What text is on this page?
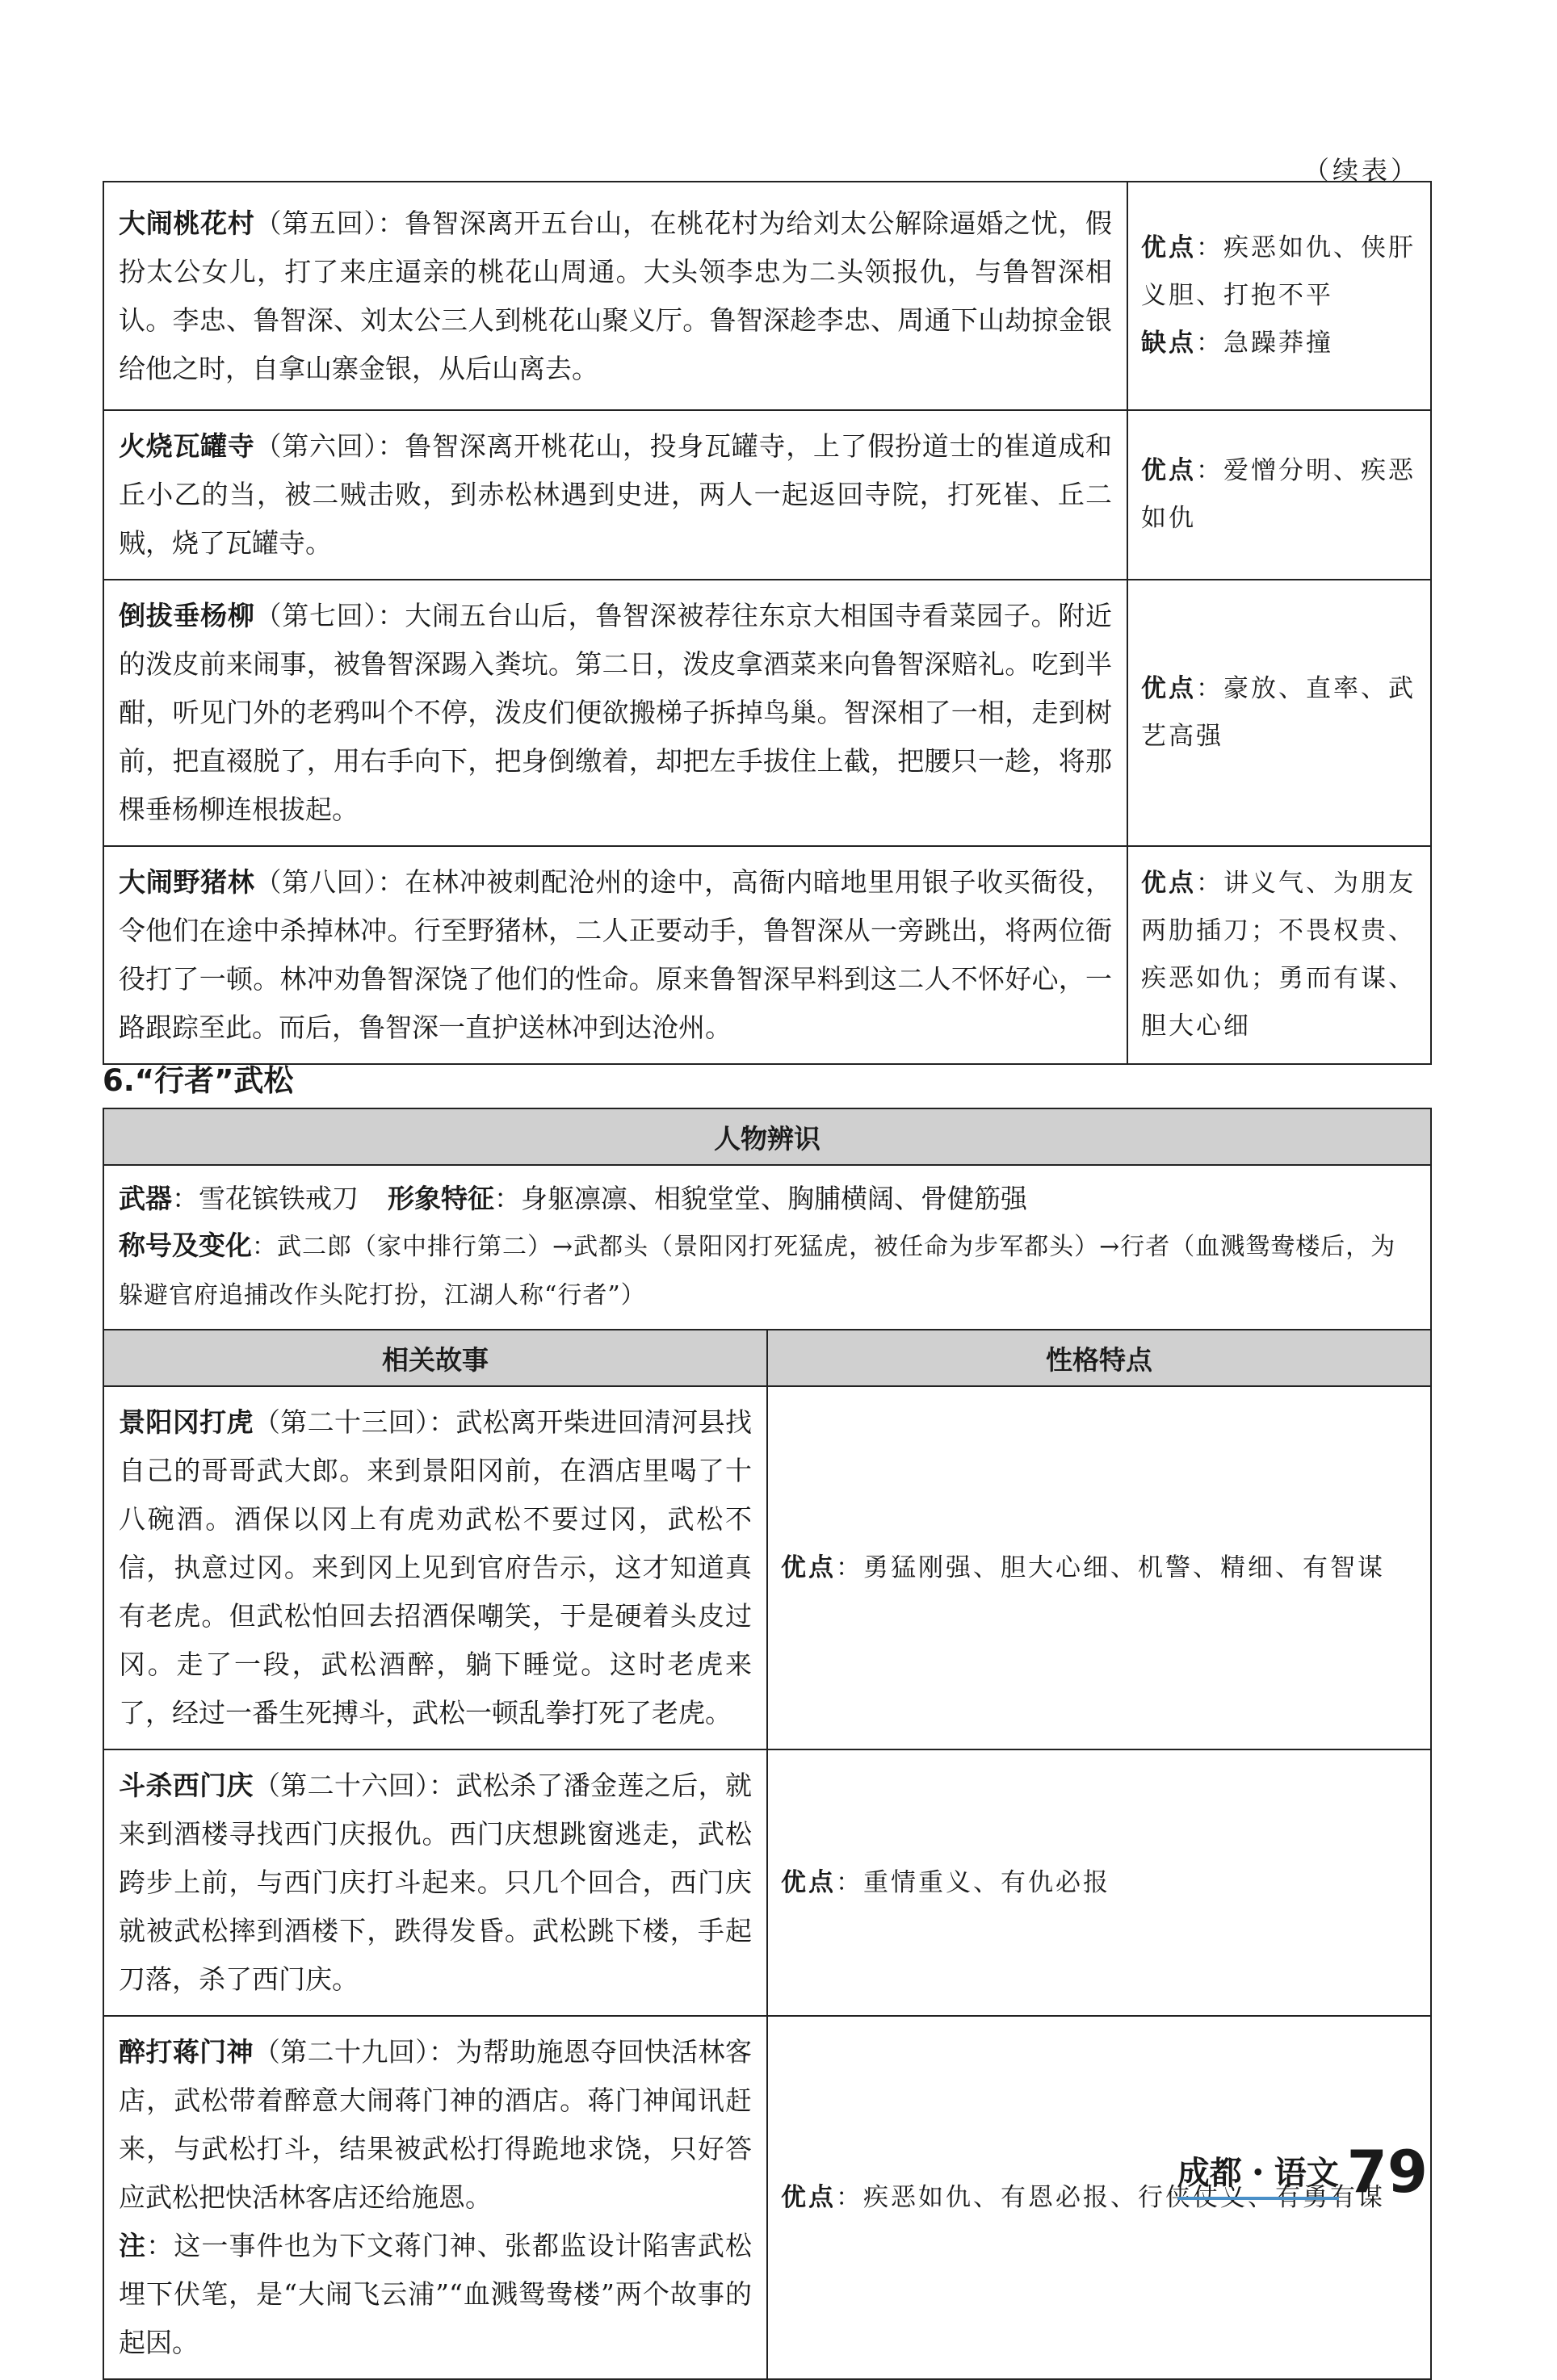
（续表）
大闹桃花村（第五回）：鲁智深离开五台山，在桃花村为给刘太公解除逼婚之忧，假扮太公女儿，打了来庄逼亲的桃花山周通。大头领李忠为二头领报仇，与鲁智深相认。李忠、鲁智深、刘太公三人到桃花山聚义厅。鲁智深趁李忠、周通下山劫掠金银给他之时，自拿山寨金银，从后山离去。	优点：疾恶如仇、侠肝义胆、打抱不平
缺点：急躁莽撞
火烧瓦罐寺（第六回）：鲁智深离开桃花山，投身瓦罐寺，上了假扮道士的崔道成和丘小乙的当，被二贼击败，到赤松林遇到史进，两人一起返回寺院，打死崔、丘二贼，烧了瓦罐寺。	优点：爱憎分明、疾恶如仇
倒拔垂杨柳（第七回）：大闹五台山后，鲁智深被荐往东京大相国寺看菜园子。附近的泼皮前来闹事，被鲁智深踢入粪坑。第二日，泼皮拿酒菜来向鲁智深赔礼。吃到半酣，听见门外的老鸦叫个不停，泼皮们便欲搬梯子拆掉鸟巢。智深相了一相，走到树前，把直裰脱了，用右手向下，把身倒缴着，却把左手拔住上截，把腰只一趁，将那棵垂杨柳连根拔起。	优点：豪放、直率、武艺高强
大闹野猪林（第八回）：在林冲被刺配沧州的途中，高衙内暗地里用银子收买衙役，令他们在途中杀掉林冲。行至野猪林，二人正要动手，鲁智深从一旁跳出，将两位衙役打了一顿。林冲劝鲁智深饶了他们的性命。原来鲁智深早料到这二人不怀好心，一路跟踪至此。而后，鲁智深一直护送林冲到达沧州。	优点：讲义气、为朋友两肋插刀；不畏权贵、疾恶如仇；勇而有谋、胆大心细
6.“行者”武松
人物辨识	
武器：雪花镔铁戒刀 形象特征：身躯凛凛、相貌堂堂、胸脯横阔、骨健筋强
称号及变化：武二郎（家中排行第二）→武都头（景阳冈打死猛虎，被任命为步军都头）→行者（血溅鸳鸯楼后，为躲避官府追捕改作头陀打扮，江湖人称“行者”）	
相关故事	性格特点
景阳冈打虎（第二十三回）：武松离开柴进回清河县找自己的哥哥武大郎。来到景阳冈前，在酒店里喝了十八碗酒。酒保以冈上有虎劝武松不要过冈，武松不信，执意过冈。来到冈上见到官府告示，这才知道真有老虎。但武松怕回去招酒保嘲笑，于是硬着头皮过冈。走了一段，武松酒醉，躺下睡觉。这时老虎来了，经过一番生死搏斗，武松一顿乱拳打死了老虎。	优点：勇猛刚强、胆大心细、机警、精细、有智谋
斗杀西门庆（第二十六回）：武松杀了潘金莲之后，就来到酒楼寻找西门庆报仇。西门庆想跳窗逃走，武松跨步上前，与西门庆打斗起来。只几个回合，西门庆就被武松摔到酒楼下，跌得发昏。武松跳下楼，手起刀落，杀了西门庆。	优点：重情重义、有仇必报
醉打蒋门神（第二十九回）：为帮助施恩夺回快活林客店，武松带着醉意大闹蒋门神的酒店。蒋门神闻讯赶来，与武松打斗，结果被武松打得跪地求饶，只好答应武松把快活林客店还给施恩。
注：这一事件也为下文蒋门神、张都监设计陷害武松埋下伏笔，是“大闹飞云浦”“血溅鸳鸯楼”两个故事的起因。	优点：疾恶如仇、有恩必报、行侠仗义、有勇有谋
成都・语文 79
